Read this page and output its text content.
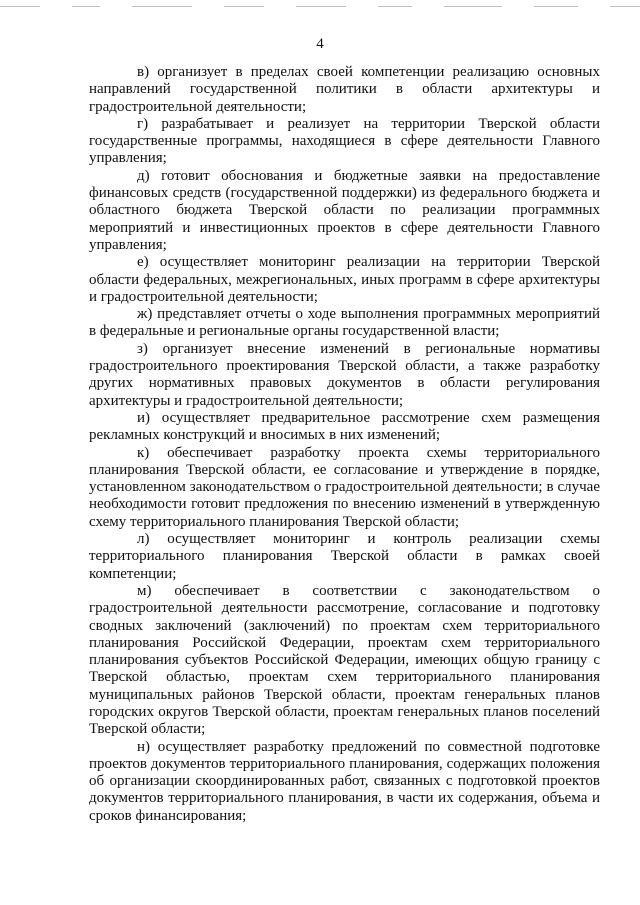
4

в) организует в пределах своей компетенции реализацию основных направлений государственной политики в области архитектуры и градостроительной деятельности;

г) разрабатывает и реализует на территории Тверской области государственные программы, находящиеся в сфере деятельности Главного управления;

д) готовит обоснования и бюджетные заявки на предоставление финансовых средств (государственной поддержки) из федерального бюджета и областного бюджета Тверской области по реализации программных мероприятий и инвестиционных проектов в сфере деятельности Главного управления;

е) осуществляет мониторинг реализации на территории Тверской области федеральных, межрегиональных, иных программ в сфере архитектуры и градостроительной деятельности;

ж) представляет отчеты о ходе выполнения программных мероприятий в федеральные и региональные органы государственной власти;

з) организует внесение изменений в региональные нормативы градостроительного проектирования Тверской области, а также разработку других нормативных правовых документов в области регулирования архитектуры и градостроительной деятельности;

и) осуществляет предварительное рассмотрение схем размещения рекламных конструкций и вносимых в них изменений;

к) обеспечивает разработку проекта схемы территориального планирования Тверской области, ее согласование и утверждение в порядке, установленном законодательством о градостроительной деятельности; в случае необходимости готовит предложения по внесению изменений в утвержденную схему территориального планирования Тверской области;

л) осуществляет мониторинг и контроль реализации схемы территориального планирования Тверской области в рамках своей компетенции;

м) обеспечивает в соответствии с законодательством о градостроительной деятельности рассмотрение, согласование и подготовку сводных заключений (заключений) по проектам схем территориального планирования Российской Федерации, проектам схем территориального планирования субъектов Российской Федерации, имеющих общую границу с Тверской областью, проектам схем территориального планирования муниципальных районов Тверской области, проектам генеральных планов городских округов Тверской области, проектам генеральных планов поселений Тверской области;

н) осуществляет разработку предложений по совместной подготовке проектов документов территориального планирования, содержащих положения об организации скоординированных работ, связанных с подготовкой проектов документов территориального планирования, в части их содержания, объема и сроков финансирования;
